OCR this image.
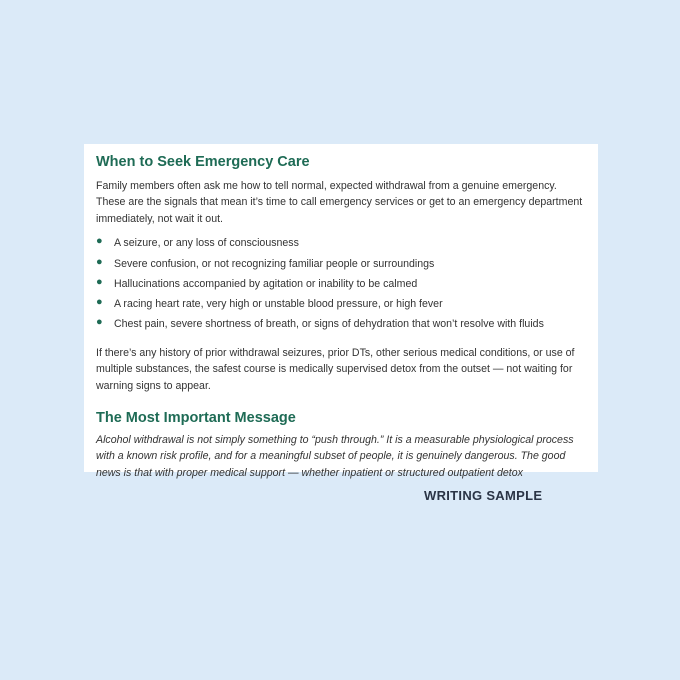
When to Seek Emergency Care

Family members often ask me how to tell normal, expected withdrawal from a genuine emergency. These are the signals that mean it’s time to call emergency services or get to an emergency department immediately, not wait it out.

● A seizure, or any loss of consciousness
● Severe confusion, or not recognizing familiar people or surroundings
● Hallucinations accompanied by agitation or inability to be calmed
● A racing heart rate, very high or unstable blood pressure, or high fever
● Chest pain, severe shortness of breath, or signs of dehydration that won’t resolve with fluids

If there’s any history of prior withdrawal seizures, prior DTs, other serious medical conditions, or use of multiple substances, the safest course is medically supervised detox from the outset — not waiting for warning signs to appear.

The Most Important Message

Alcohol withdrawal is not simply something to “push through.” It is a measurable physiological process with a known risk profile, and for a meaningful subset of people, it is genuinely dangerous. The good news is that with proper medical support — whether inpatient or structured outpatient detox

WRITING SAMPLE
